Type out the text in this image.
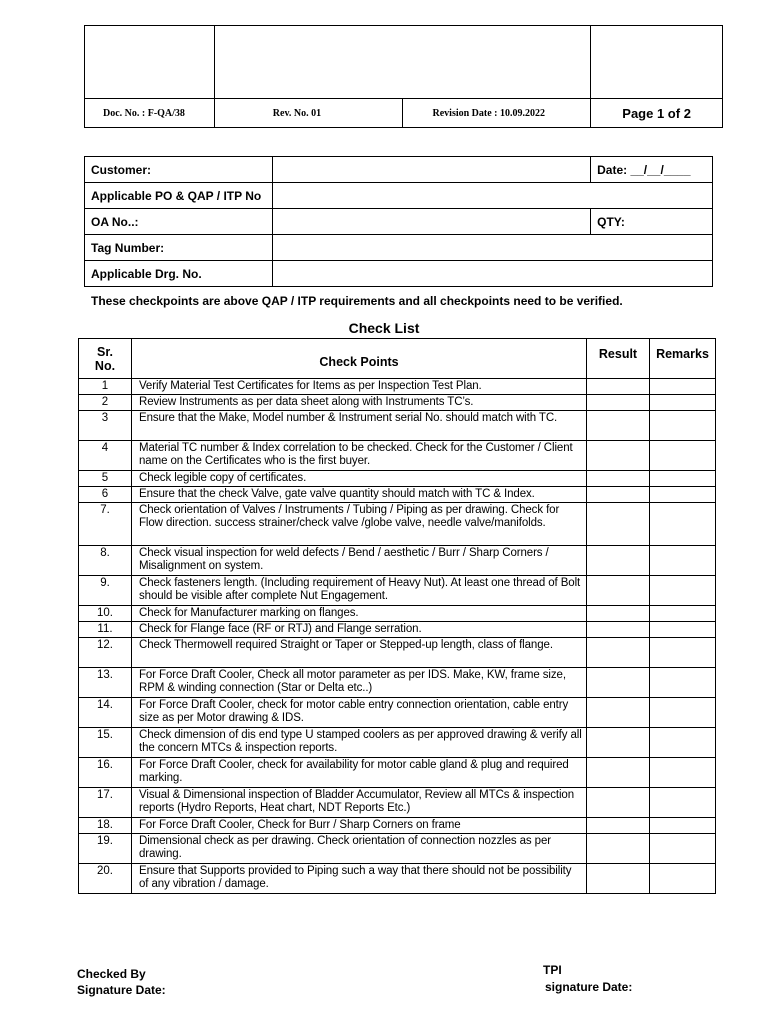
Doc. No. : F-QA/38	Rev. No. 01	Revision Date : 10.09.2022	Page 1 of 2
Customer:		Date: __/__/____
Applicable PO & QAP / ITP No		
OA No..:		QTY:
Tag Number:		
Applicable Drg. No.		
These checkpoints are above QAP / ITP requirements and all checkpoints need to be verified.
Check List
Sr.
No.	Check Points	Result	Remarks
1	Verify Material Test Certificates for Items as per Inspection Test Plan.		
2	Review Instruments as per data sheet along with Instruments TC’s.		
3	Ensure that the Make, Model number & Instrument serial No. should match with TC.		
4	Material TC number & Index correlation to be checked. Check for the Customer / Client name on the Certificates who is the first buyer.		
5	Check legible copy of certificates.		
6	Ensure that the check Valve, gate valve quantity should match with TC & Index.		
7.	Check orientation of Valves / Instruments / Tubing / Piping as per drawing. Check for Flow direction. success strainer/check valve /globe valve, needle valve/manifolds.		
8.	Check visual inspection for weld defects / Bend / aesthetic / Burr / Sharp Corners / Misalignment on system.		
9.	Check fasteners length. (Including requirement of Heavy Nut). At least one thread of Bolt should be visible after complete Nut Engagement.		
10.	Check for Manufacturer marking on flanges.		
11.	Check for Flange face (RF or RTJ) and Flange serration.		
12.	Check Thermowell required Straight or Taper or Stepped-up length, class of flange.		
13.	For Force Draft Cooler, Check all motor parameter as per IDS. Make, KW, frame size, RPM & winding connection (Star or Delta etc..)		
14.	For Force Draft Cooler, check for motor cable entry connection orientation, cable entry size as per Motor drawing & IDS.		
15.	Check dimension of dis end type U stamped coolers as per approved drawing & verify all the concern MTCs & inspection reports.		
16.	For Force Draft Cooler, check for availability for motor cable gland & plug and required marking.		
17.	Visual & Dimensional inspection of Bladder Accumulator, Review all MTCs & inspection reports (Hydro Reports, Heat chart, NDT Reports Etc.)		
18.	For Force Draft Cooler, Check for Burr / Sharp Corners on frame		
19.	Dimensional check as per drawing. Check orientation of connection nozzles as per drawing.		
20.	Ensure that Supports provided to Piping such a way that there should not be possibility of any vibration / damage.		
Checked By
Signature Date:
TPI
signature Date:
